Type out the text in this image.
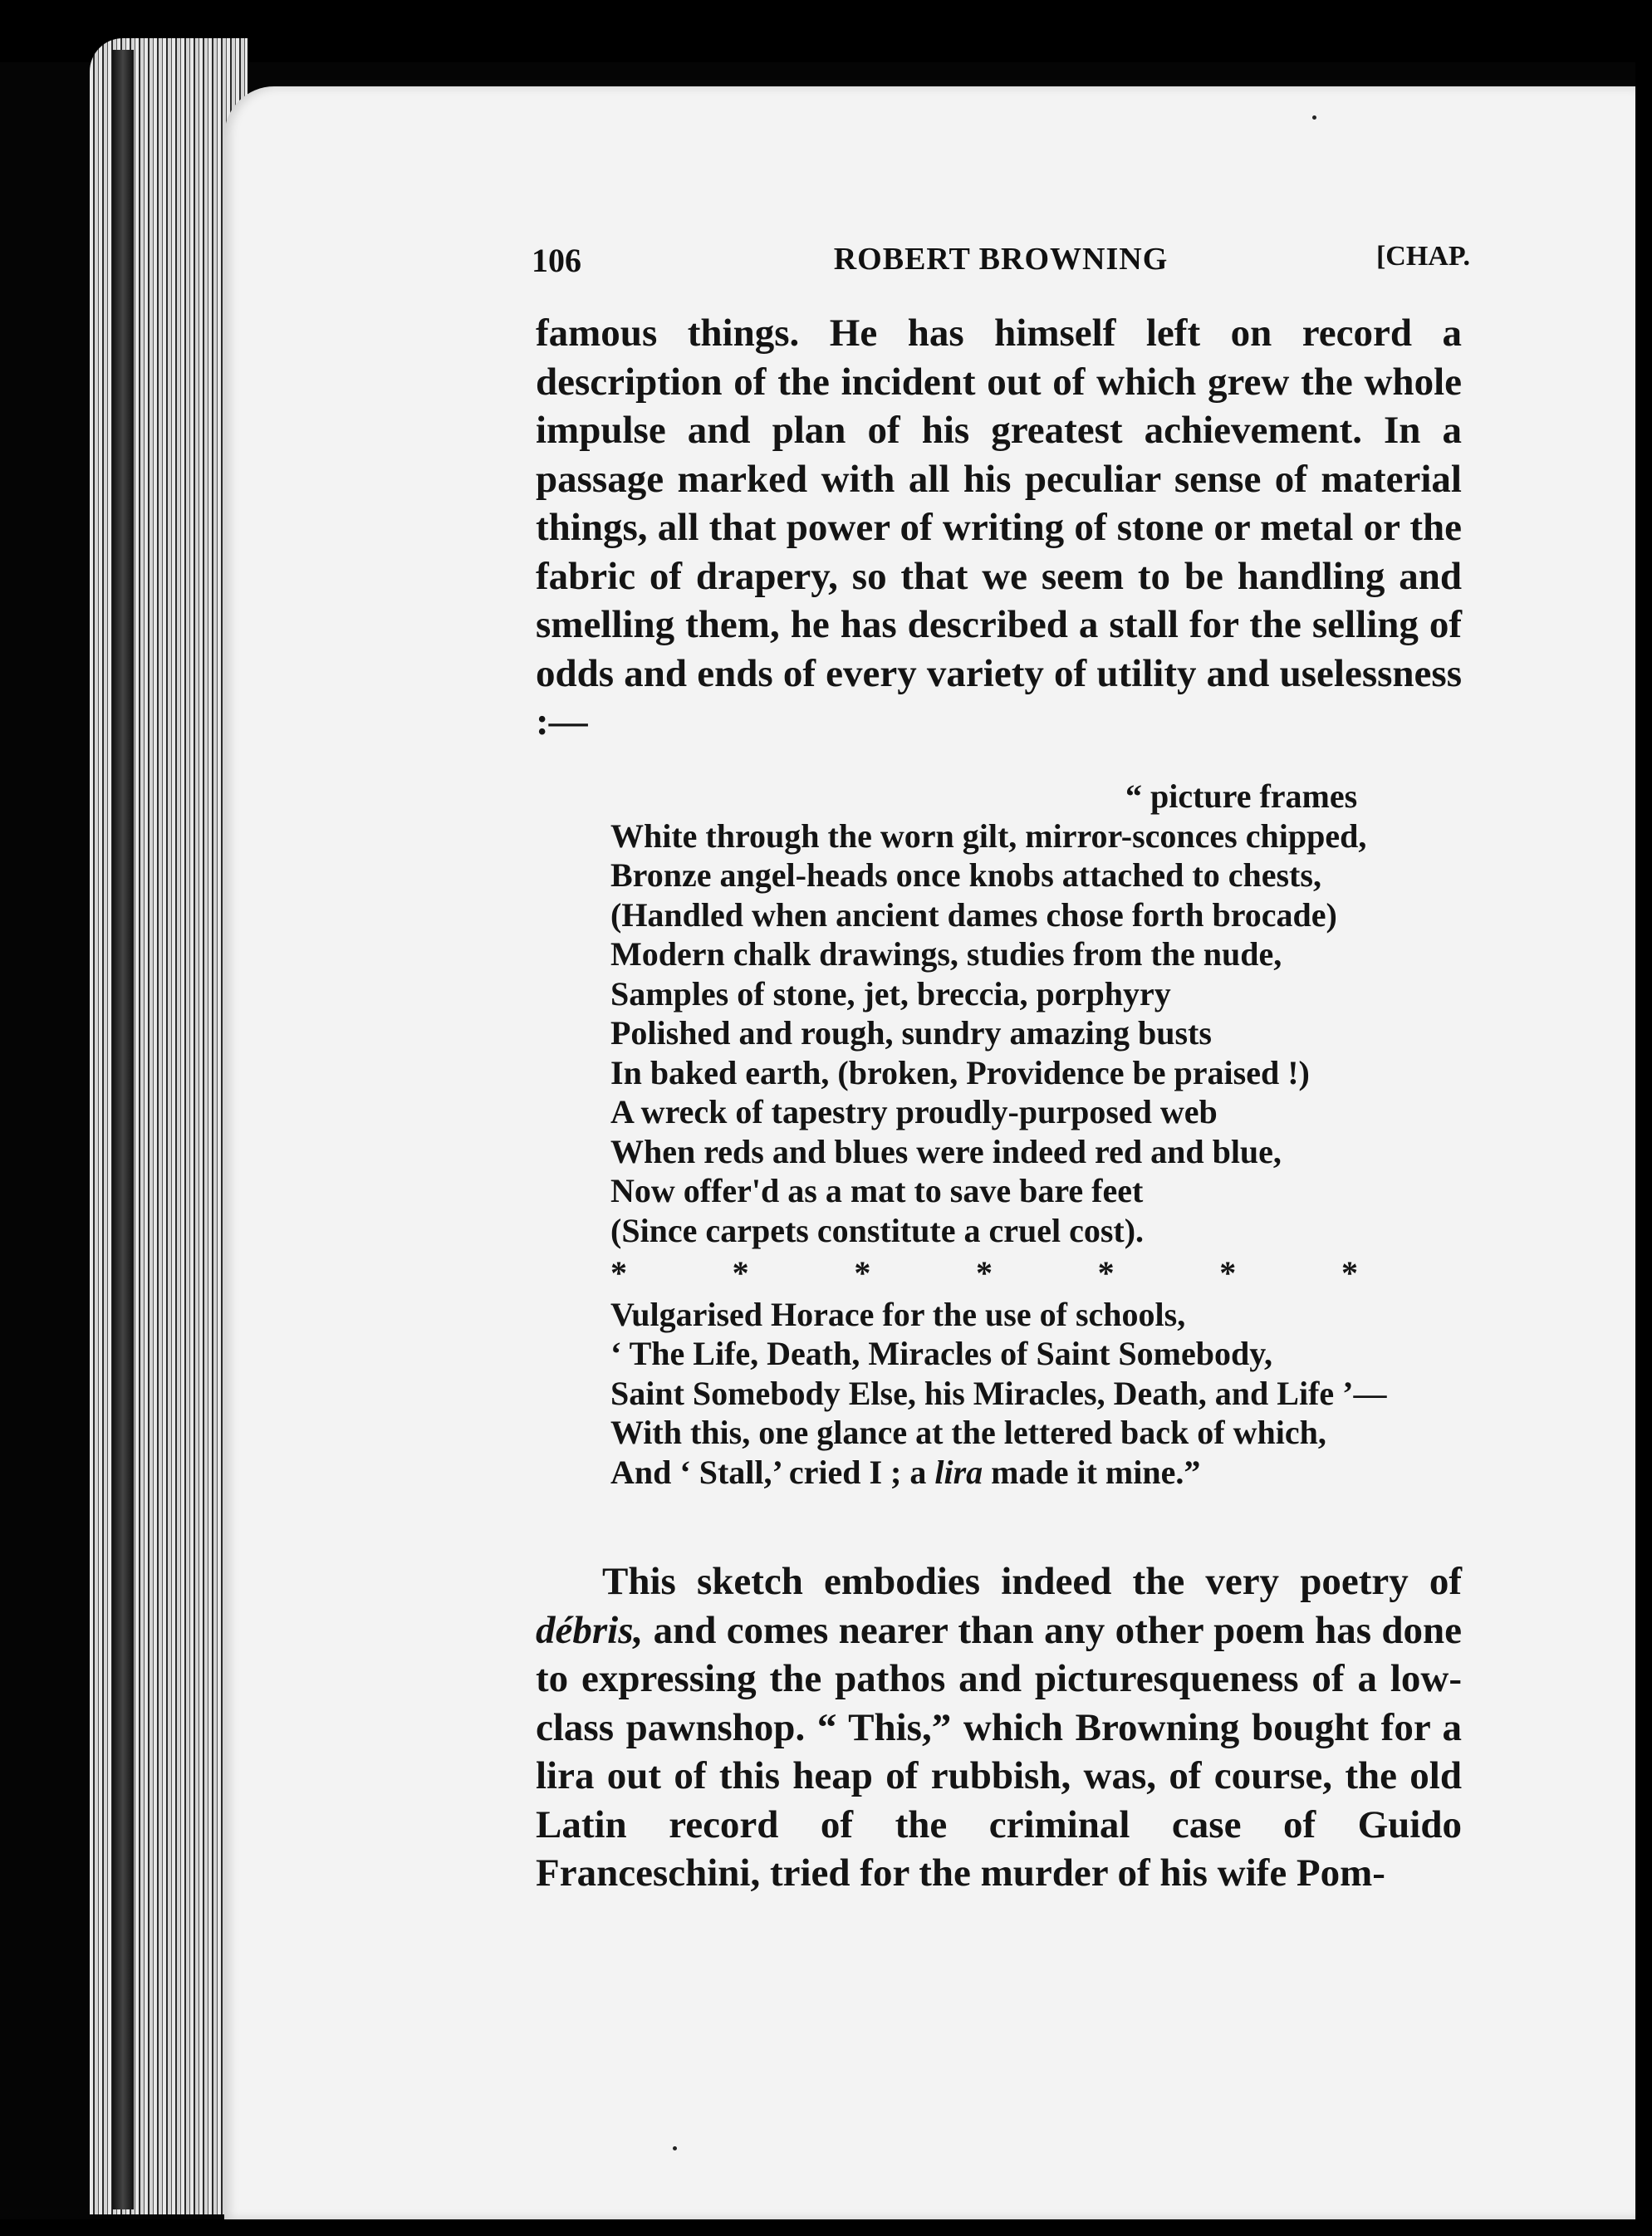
106	ROBERT BROWNING	[CHAP.

famous things. He has himself left on record a description of the incident out of which grew the whole impulse and plan of his greatest achievement. In a passage marked with all his peculiar sense of material things, all that power of writing of stone or metal or the fabric of drapery, so that we seem to be handling and smelling them, he has described a stall for the selling of odds and ends of every variety of utility and uselessness :—

“ picture frames
White through the worn gilt, mirror-sconces chipped,
Bronze angel-heads once knobs attached to chests,
(Handled when ancient dames chose forth brocade)
Modern chalk drawings, studies from the nude,
Samples of stone, jet, breccia, porphyry
Polished and rough, sundry amazing busts
In baked earth, (broken, Providence be praised !)
A wreck of tapestry proudly-purposed web
When reds and blues were indeed red and blue,
Now offer'd as a mat to save bare feet
(Since carpets constitute a cruel cost).
*	*	*	*	*	*	*
Vulgarised Horace for the use of schools,
‘ The Life, Death, Miracles of Saint Somebody,
Saint Somebody Else, his Miracles, Death, and Life ’—
With this, one glance at the lettered back of which,
And ‘ Stall,’ cried I ; a lira made it mine.”

This sketch embodies indeed the very poetry of débris, and comes nearer than any other poem has done to expressing the pathos and picturesqueness of a low-class pawnshop. “ This,” which Browning bought for a lira out of this heap of rubbish, was, of course, the old Latin record of the criminal case of Guido Franceschini, tried for the murder of his wife Pom-
